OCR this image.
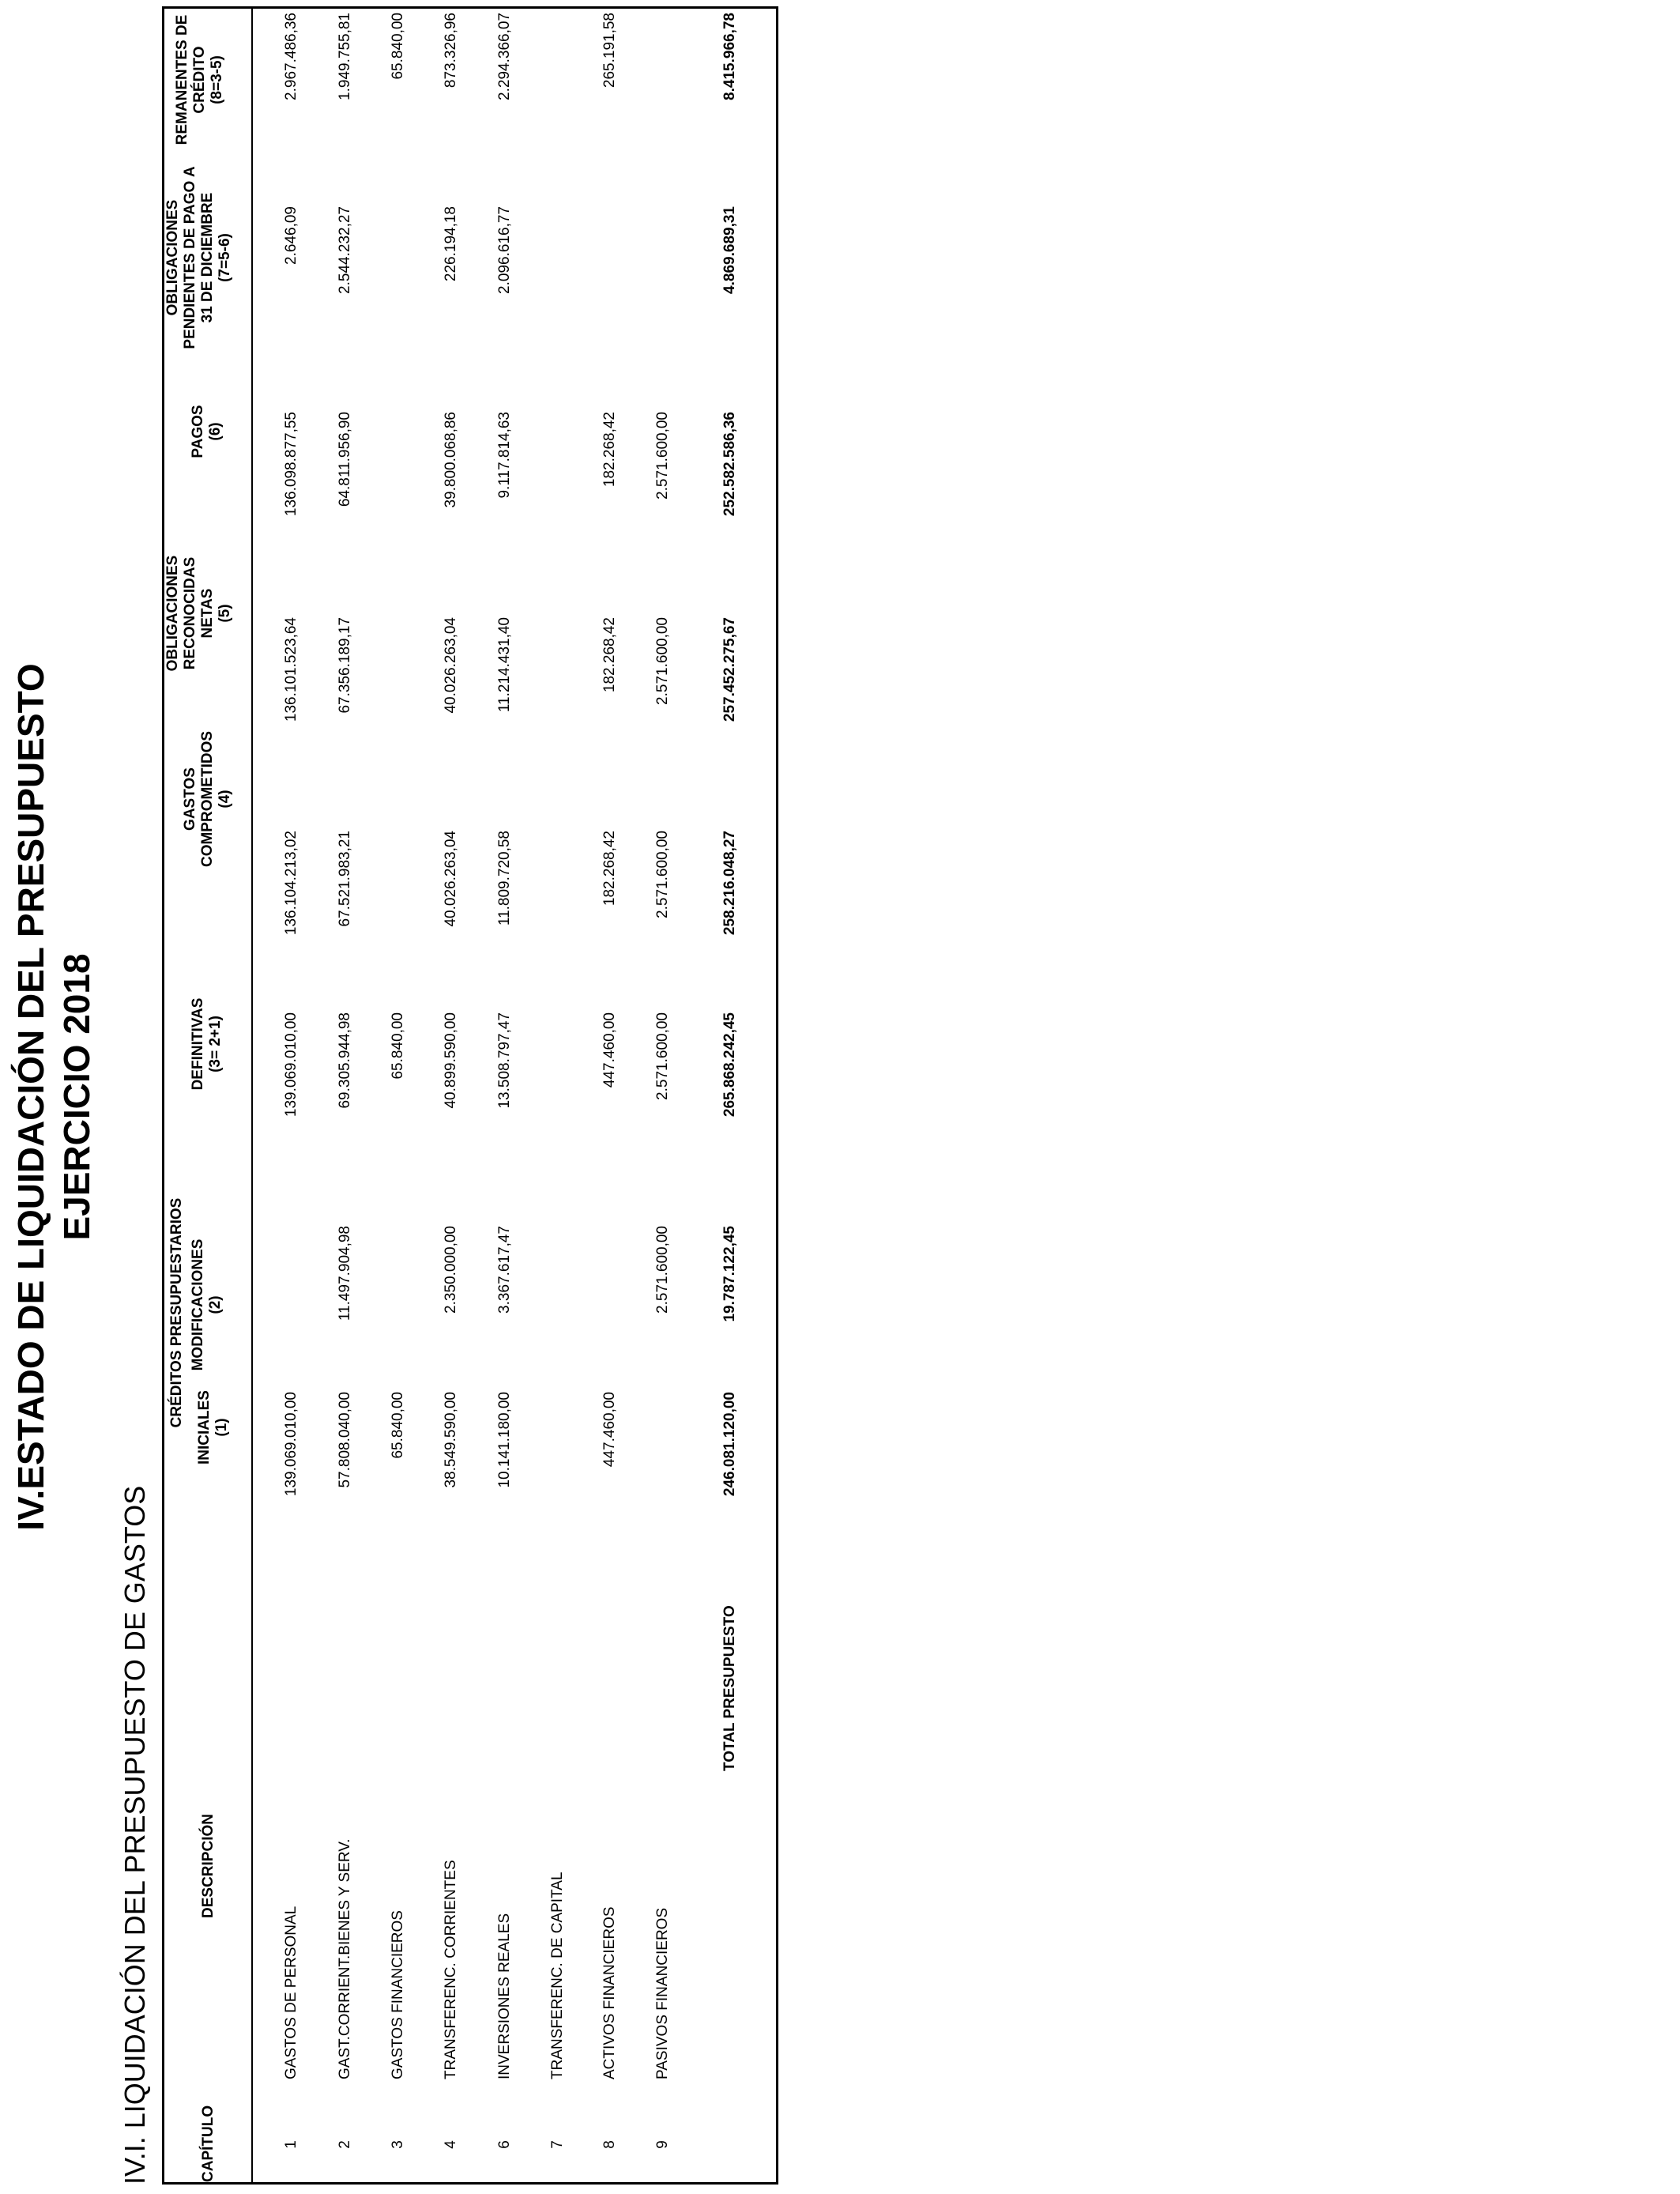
IV.ESTADO DE LIQUIDACIÓN DEL PRESUPUESTO EJERCICIO 2018
IV.I. LIQUIDACIÓN DEL PRESUPUESTO DE GASTOS	CAPÍTULO
DESCRIPCIÓN
CRÉDITOS PRESUPUESTARIOS INICIALES (1)
MODIFICACIONES (2)
DEFINITIVAS (3= 2+1)
GASTOS COMPROMETIDOS (4)
OBLIGACIONES RECONOCIDAS NETAS (5)
PAGOS (6)
OBLIGACIONES PENDIENTES DE PAGO A 31 DE DICIEMBRE (7=5-6)
REMANENTES DE CRÉDITO (8=3-5)
1
GASTOS DE PERSONAL
139.069.010,00
139.069.010,00
136.104.213,02
136.101.523,64
136.098.877,55
2.646,09
2.967.486,36
2
GAST.CORRIENT.BIENES Y SERV.
57.808.040,00
11.497.904,98
69.305.944,98
67.521.983,21
67.356.189,17
64.811.956,90
2.544.232,27
1.949.755,81
3
GASTOS FINANCIEROS
65.840,00
65.840,00
65.840,00
4
TRANSFERENC. CORRIENTES
38.549.590,00
2.350.000,00
40.899.590,00
40.026.263,04
40.026.263,04
39.800.068,86
226.194,18
873.326,96
6
INVERSIONES REALES
10.141.180,00
3.367.617,47
13.508.797,47
11.809.720,58
11.214.431,40
9.117.814,63
2.096.616,77
2.294.366,07
7
TRANSFERENC. DE CAPITAL
8
ACTIVOS FINANCIEROS
447.460,00
447.460,00
182.268,42
182.268,42
182.268,42
265.191,58
9
PASIVOS FINANCIEROS
2.571.600,00
2.571.600,00
2.571.600,00
2.571.600,00
2.571.600,00
TOTAL PRESUPUESTO
246.081.120,00
19.787.122,45
265.868.242,45
258.216.048,27
257.452.275,67
252.582.586,36
4.869.689,31
8.415.966,78
